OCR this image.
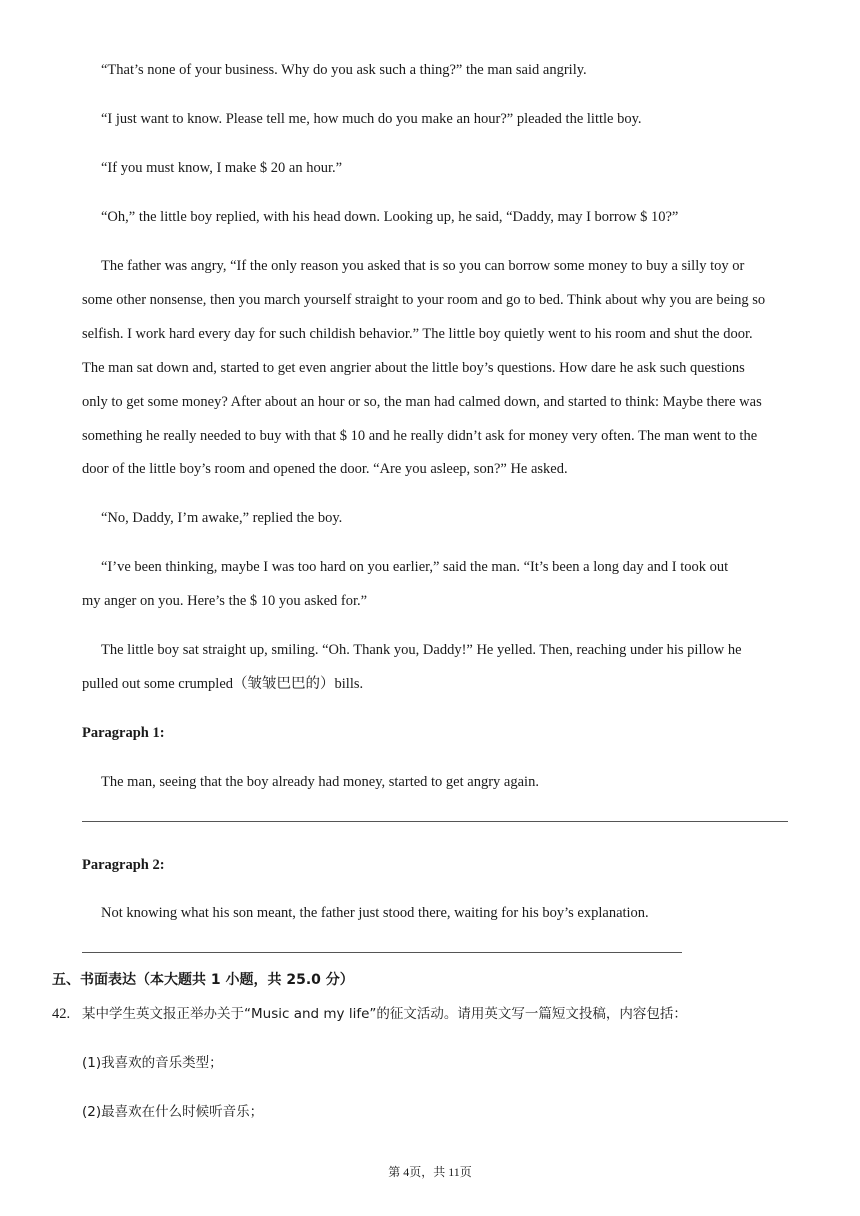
“That’s none of your business. Why do you ask such a thing?” the man said angrily.
“I just want to know. Please tell me, how much do you make an hour?” pleaded the little boy.
“If you must know, I make $ 20 an hour.”
“Oh,” the little boy replied, with his head down. Looking up, he said, “Daddy, may I borrow $ 10?”
The father was angry, “If the only reason you asked that is so you can borrow some money to buy a silly toy or
some other nonsense, then you march yourself straight to your room and go to bed. Think about why you are being so
selfish. I work hard every day for such childish behavior.” The little boy quietly went to his room and shut the door.
The man sat down and, started to get even angrier about the little boy’s questions. How dare he ask such questions
only to get some money? After about an hour or so, the man had calmed down, and started to think: Maybe there was
something he really needed to buy with that $ 10 and he really didn’t ask for money very often. The man went to the
door of the little boy’s room and opened the door. “Are you asleep, son?” He asked.
“No, Daddy, I’m awake,” replied the boy.
“I’ve been thinking, maybe I was too hard on you earlier,” said the man. “It’s been a long day and I took out
my anger on you. Here’s the $ 10 you asked for.”
The little boy sat straight up, smiling. “Oh. Thank you, Daddy!” He yelled. Then, reaching under his pillow he
pulled out some crumpled（皱皱巴巴的）bills.
Paragraph 1:
The man, seeing that the boy already had money, started to get angry again.
Paragraph 2:
Not knowing what his son meant, the father just stood there, waiting for his boy’s explanation.
五、书面表达（本大题共 1 小题，共 25.0 分）
42. 某中学生英文报正举办关于“Music and my life”的征文活动。请用英文写一篇短文投稿，内容包括：
(1)我喜欢的音乐类型；
(2)最喜欢在什么时候听音乐；
第 4页，共 11页
